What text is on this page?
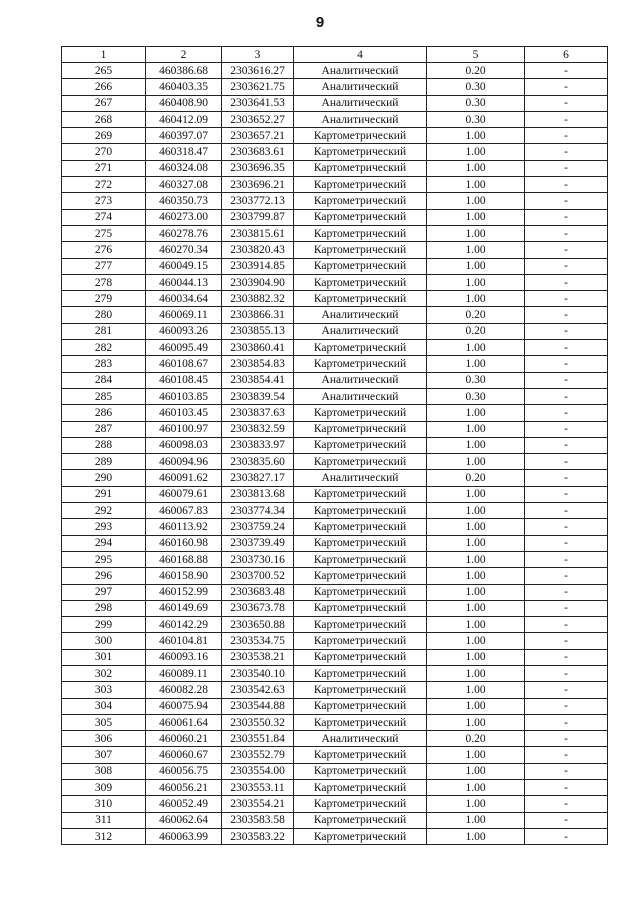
9
1	2	3	4	5	6
265	460386.68	2303616.27	Аналитический	0.20	-
266	460403.35	2303621.75	Аналитический	0.30	-
267	460408.90	2303641.53	Аналитический	0.30	-
268	460412.09	2303652.27	Аналитический	0.30	-
269	460397.07	2303657.21	Картометрический	1.00	-
270	460318.47	2303683.61	Картометрический	1.00	-
271	460324.08	2303696.35	Картометрический	1.00	-
272	460327.08	2303696.21	Картометрический	1.00	-
273	460350.73	2303772.13	Картометрический	1.00	-
274	460273.00	2303799.87	Картометрический	1.00	-
275	460278.76	2303815.61	Картометрический	1.00	-
276	460270.34	2303820.43	Картометрический	1.00	-
277	460049.15	2303914.85	Картометрический	1.00	-
278	460044.13	2303904.90	Картометрический	1.00	-
279	460034.64	2303882.32	Картометрический	1.00	-
280	460069.11	2303866.31	Аналитический	0.20	-
281	460093.26	2303855.13	Аналитический	0.20	-
282	460095.49	2303860.41	Картометрический	1.00	-
283	460108.67	2303854.83	Картометрический	1.00	-
284	460108.45	2303854.41	Аналитический	0.30	-
285	460103.85	2303839.54	Аналитический	0.30	-
286	460103.45	2303837.63	Картометрический	1.00	-
287	460100.97	2303832.59	Картометрический	1.00	-
288	460098.03	2303833.97	Картометрический	1.00	-
289	460094.96	2303835.60	Картометрический	1.00	-
290	460091.62	2303827.17	Аналитический	0.20	-
291	460079.61	2303813.68	Картометрический	1.00	-
292	460067.83	2303774.34	Картометрический	1.00	-
293	460113.92	2303759.24	Картометрический	1.00	-
294	460160.98	2303739.49	Картометрический	1.00	-
295	460168.88	2303730.16	Картометрический	1.00	-
296	460158.90	2303700.52	Картометрический	1.00	-
297	460152.99	2303683.48	Картометрический	1.00	-
298	460149.69	2303673.78	Картометрический	1.00	-
299	460142.29	2303650.88	Картометрический	1.00	-
300	460104.81	2303534.75	Картометрический	1.00	-
301	460093.16	2303538.21	Картометрический	1.00	-
302	460089.11	2303540.10	Картометрический	1.00	-
303	460082.28	2303542.63	Картометрический	1.00	-
304	460075.94	2303544.88	Картометрический	1.00	-
305	460061.64	2303550.32	Картометрический	1.00	-
306	460060.21	2303551.84	Аналитический	0.20	-
307	460060.67	2303552.79	Картометрический	1.00	-
308	460056.75	2303554.00	Картометрический	1.00	-
309	460056.21	2303553.11	Картометрический	1.00	-
310	460052.49	2303554.21	Картометрический	1.00	-
311	460062.64	2303583.58	Картометрический	1.00	-
312	460063.99	2303583.22	Картометрический	1.00	-
